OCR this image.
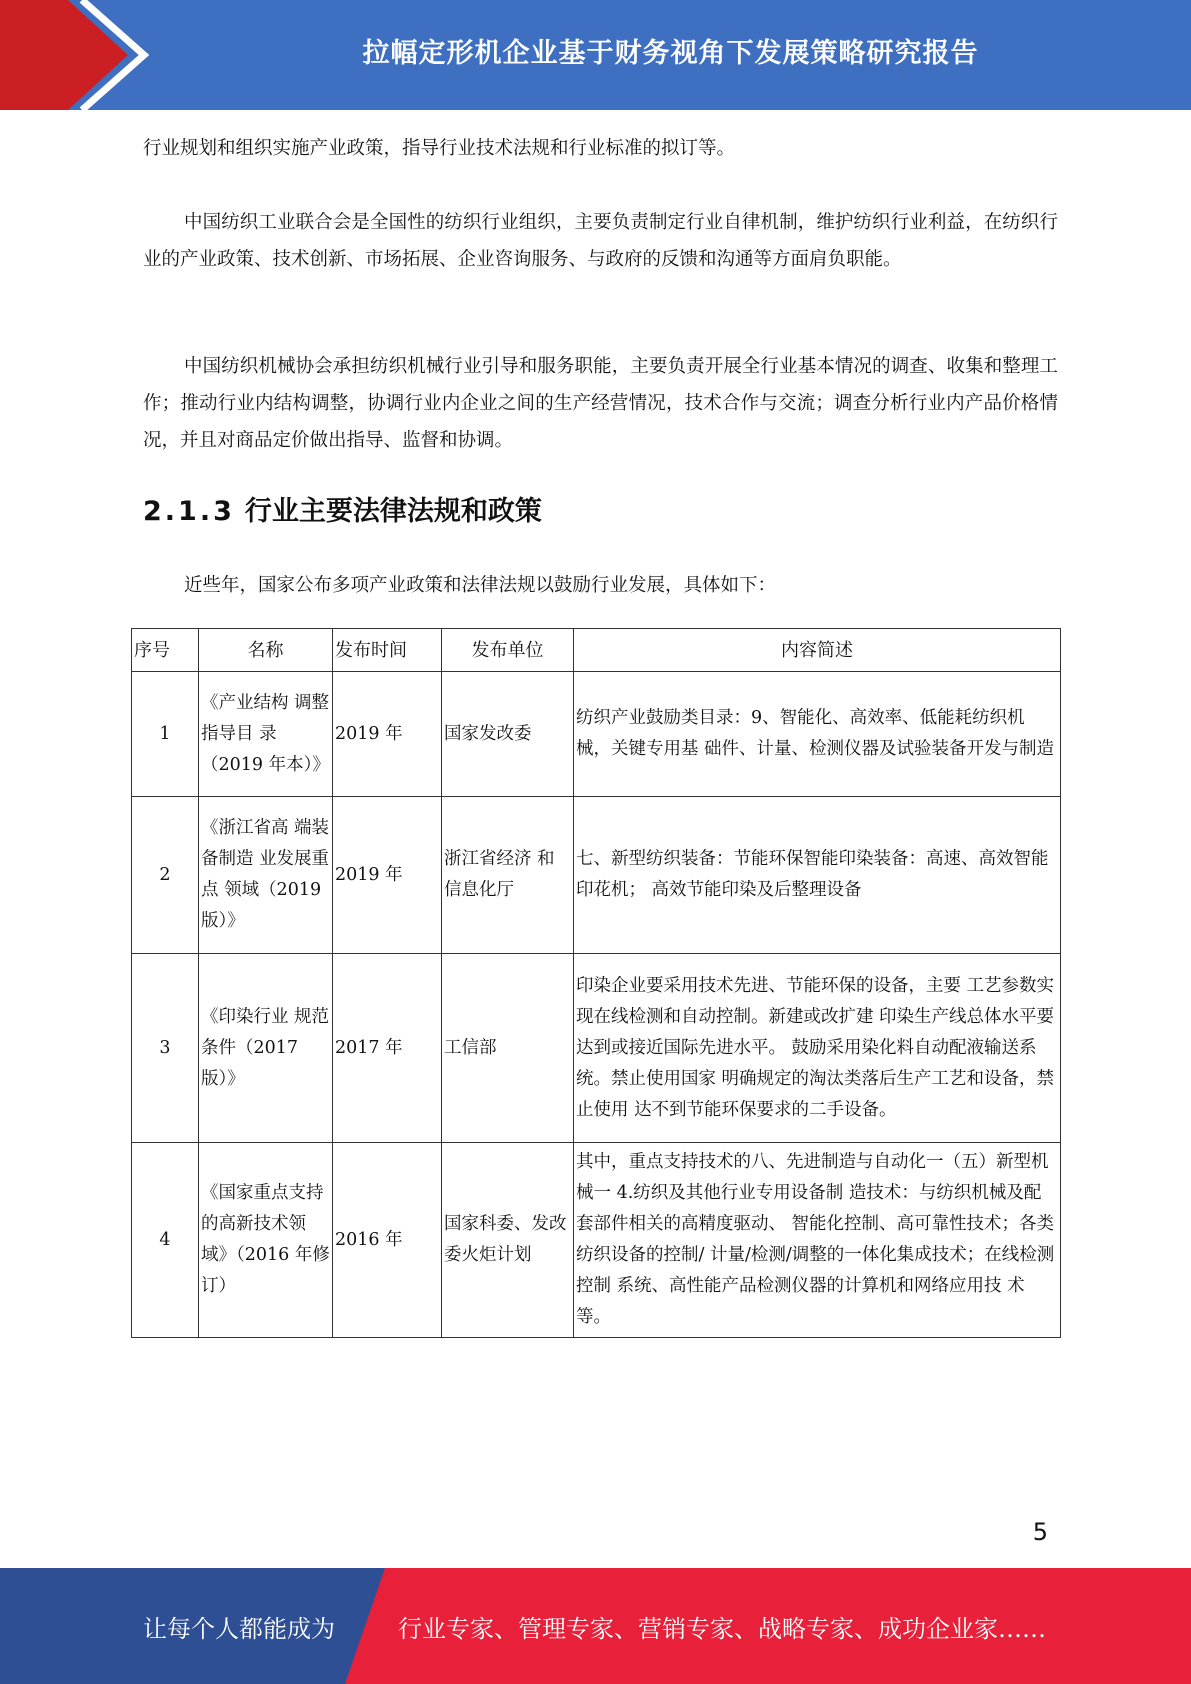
拉幅定形机企业基于财务视角下发展策略研究报告

行业规划和组织实施产业政策，指导行业技术法规和行业标准的拟订等。

中国纺织工业联合会是全国性的纺织行业组织，主要负责制定行业自律机制，维护纺织行业利益，在纺织行业的产业政策、技术创新、市场拓展、企业咨询服务、与政府的反馈和沟通等方面肩负职能。

中国纺织机械协会承担纺织机械行业引导和服务职能，主要负责开展全行业基本情况的调查、收集和整理工作；推动行业内结构调整，协调行业内企业之间的生产经营情况，技术合作与交流；调查分析行业内产品价格情况，并且对商品定价做出指导、监督和协调。

2.1.3 行业主要法律法规和政策

近些年，国家公布多项产业政策和法律法规以鼓励行业发展，具体如下：

序号	名称	发布时间	发布单位	内容简述
1	《产业结构 调整指导目 录（2019 年本）》	2019 年	国家发改委	纺织产业鼓励类目录：9、智能化、高效率、低能耗纺织机械，关键专用基 础件、计量、检测仪器及试验装备开发与制造
2	《浙江省高 端装备制造 业发展重点 领域（2019 版）》	2019 年	浙江省经济 和信息化厅	七、新型纺织装备：节能环保智能印染装备：高速、高效智能印花机； 高效节能印染及后整理设备
3	《印染行业 规范条件（2017 版）》	2017 年	工信部	印染企业要采用技术先进、节能环保的设备，主要 工艺参数实现在线检测和自动控制。新建或改扩建 印染生产线总体水平要达到或接近国际先进水平。 鼓励采用染化料自动配液输送系统。禁止使用国家 明确规定的淘汰类落后生产工艺和设备，禁止使用 达不到节能环保要求的二手设备。
4	《国家重点支持的高新技术领域》（2016 年修订）	2016 年	国家科委、发改委火炬计划	其中，重点支持技术的八、先进制造与自动化一（五）新型机械一 4.纺织及其他行业专用设备制 造技术：与纺织机械及配套部件相关的高精度驱动、 智能化控制、高可靠性技术；各类纺织设备的控制/ 计量/检测/调整的一体化集成技术；在线检测控制 系统、高性能产品检测仪器的计算机和网络应用技 术等。
5
让每个人都能成为	行业专家、管理专家、营销专家、战略专家、成功企业家……
